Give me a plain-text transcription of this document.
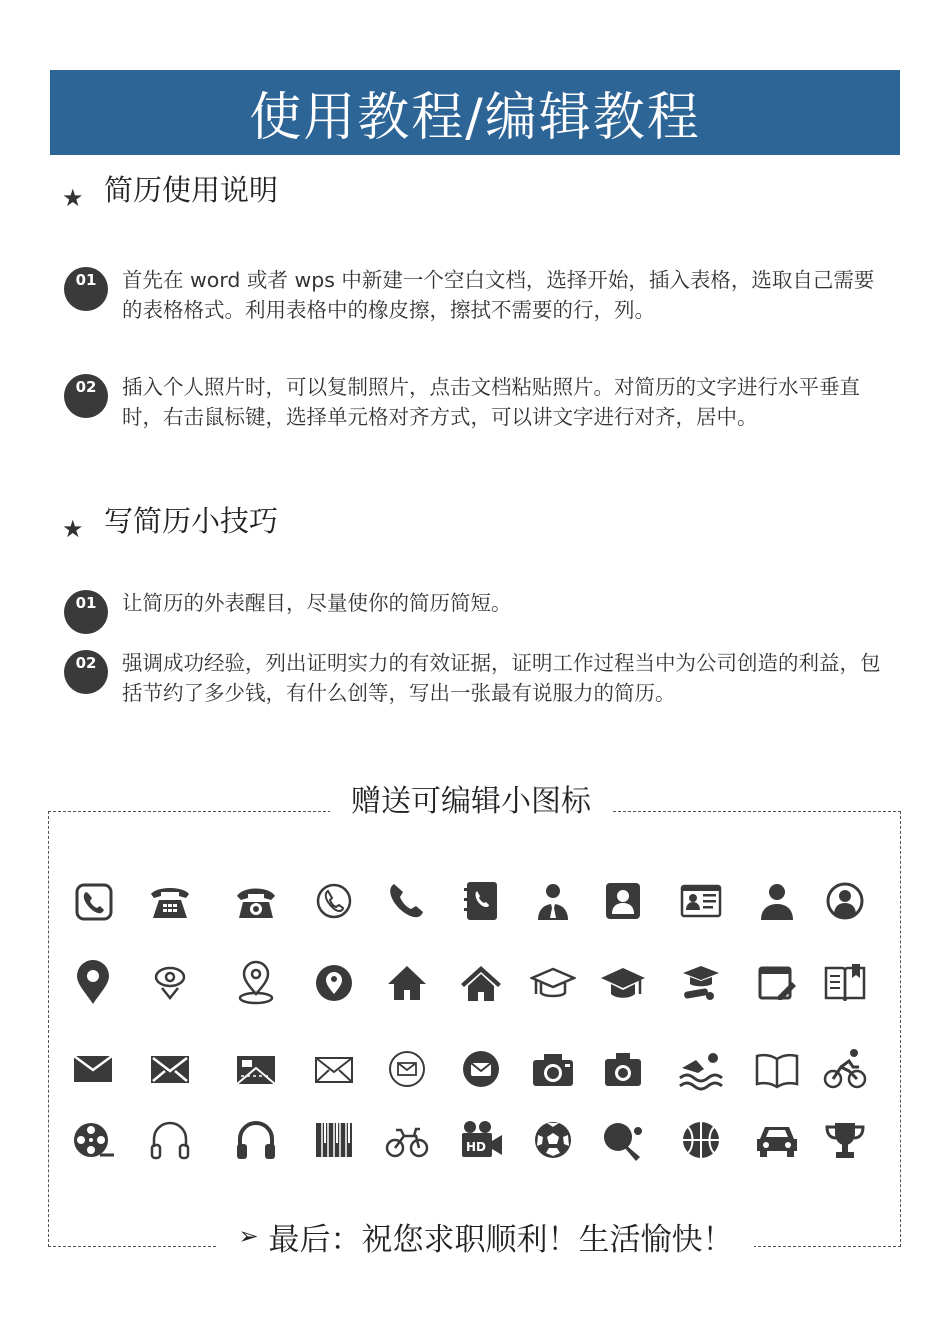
使用教程/编辑教程
★ 简历使用说明
01	首先在 word 或者 wps 中新建一个空白文档，选择开始，插入表格，选取自己需要的表格格式。利用表格中的橡皮擦，擦拭不需要的行，列。
02	插入个人照片时，可以复制照片，点击文档粘贴照片。对简历的文字进行水平垂直时，右击鼠标键，选择单元格对齐方式，可以讲文字进行对齐，居中。
★ 写简历小技巧
01	让简历的外表醒目，尽量使你的简历简短。
02	强调成功经验，列出证明实力的有效证据，证明工作过程当中为公司创造的利益，包括节约了多少钱，有什么创等，写出一张最有说服力的简历。
赠送可编辑小图标
HD
➢ 最后：祝您求职顺利！生活愉快！
